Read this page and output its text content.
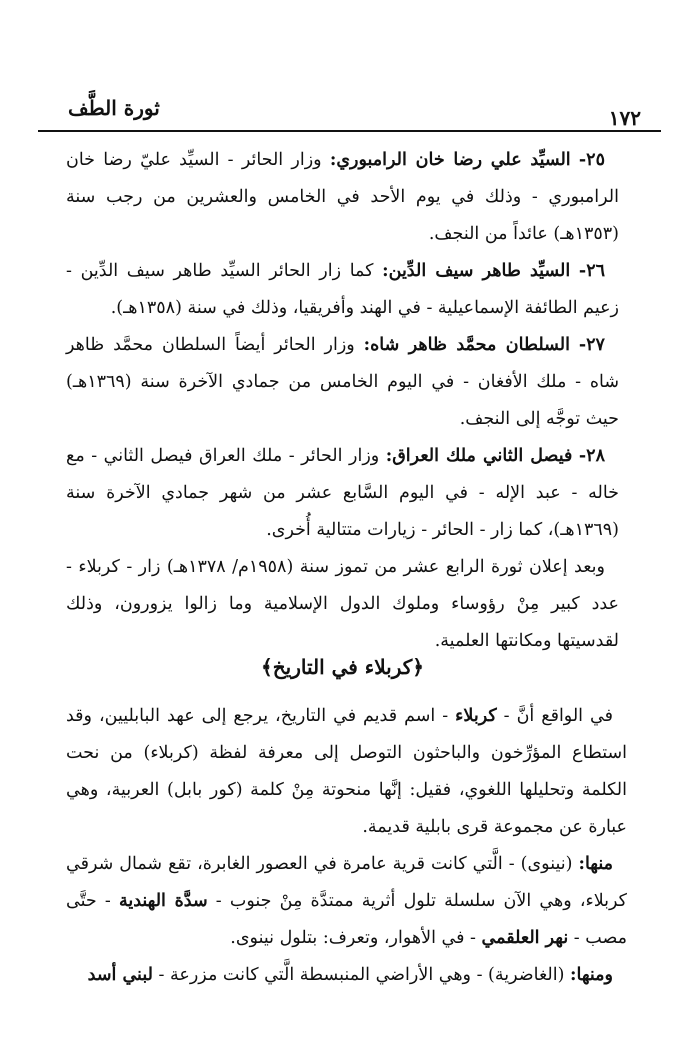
ثورة الطَّف	١٧٢

٢٥- السيِّد علي رضا خان الرامبوري: وزار الحائر - السيِّد عليّ رضا خان الرامبوري - وذلك في يوم الأحد في الخامس والعشرين من رجب سنة (١٣٥٣هـ) عائداً من النجف.

٢٦- السيِّد طاهر سيف الدِّين: كما زار الحائر السيِّد طاهر سيف الدِّين - زعيم الطائفة الإسماعيلية - في الهند وأفريقيا، وذلك في سنة (١٣٥٨هـ).

٢٧- السلطان محمَّد ظاهر شاه: وزار الحائر أيضاً السلطان محمَّد ظاهر شاه - ملك الأفغان - في اليوم الخامس من جمادي الآخرة سنة (١٣٦٩هـ) حيث توجَّه إلى النجف.

٢٨- فيصل الثاني ملك العراق: وزار الحائر - ملك العراق فيصل الثاني - مع خاله - عبد الإله - في اليوم السَّابع عشر من شهر جمادي الآخرة سنة (١٣٦٩هـ)، كما زار - الحائر - زيارات متتالية أُخرى.

وبعد إعلان ثورة الرابع عشر من تموز سنة (١٩٥٨م/ ١٣٧٨هـ) زار - كربلاء - عدد كبير مِنْ رؤوساء وملوك الدول الإسلامية وما زالوا يزورون، وذلك لقدسيتها ومكانتها العلمية.

﴿كربلاء في التاريخ﴾

في الواقع أنَّ - كربلاء - اسم قديم في التاريخ، يرجع إلى عهد البابليين، وقد استطاع المؤرِّخون والباحثون التوصل إلى معرفة لفظة (كربلاء) من نحت الكلمة وتحليلها اللغوي، فقيل: إنَّها منحوتة مِنْ كلمة (كور بابل) العربية، وهي عبارة عن مجموعة قرى بابلية قديمة.

منها: (نينوى) - الَّتي كانت قرية عامرة في العصور الغابرة، تقع شمال شرقي كربلاء، وهي الآن سلسلة تلول أثرية ممتدَّة مِنْ جنوب - سدَّة الهندية - حتَّى مصب - نهر العلقمي - في الأهوار، وتعرف: بتلول نينوى.

ومنها: (الغاضرية) - وهي الأراضي المنبسطة الَّتي كانت مزرعة - لبني أسد
